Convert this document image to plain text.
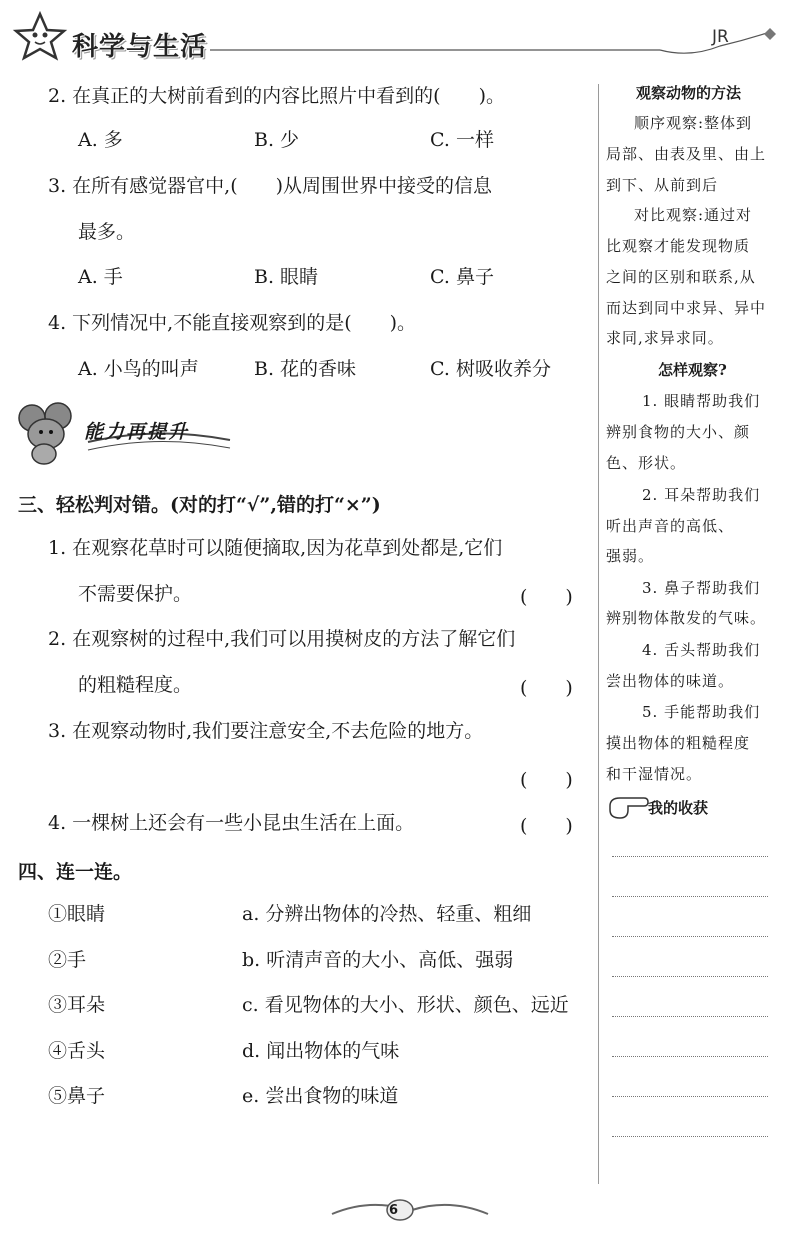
科学与生活	JR
2. 在真正的大树前看到的内容比照片中看到的(　　)。
A. 多	B. 少	C. 一样
3. 在所有感觉器官中,(　　)从周围世界中接受的信息
最多。
A. 手	B. 眼睛	C. 鼻子
4. 下列情况中,不能直接观察到的是(　　)。
A. 小鸟的叫声	B. 花的香味	C. 树吸收养分
能力再提升
三、轻松判对错。(对的打“√”,错的打“×”)
1. 在观察花草时可以随便摘取,因为花草到处都是,它们
不需要保护。	(　　)
2. 在观察树的过程中,我们可以用摸树皮的方法了解它们
的粗糙程度。	(　　)
3. 在观察动物时,我们要注意安全,不去危险的地方。
(　　)
4. 一棵树上还会有一些小昆虫生活在上面。	(　　)
四、连一连。
①眼睛	a. 分辨出物体的冷热、轻重、粗细
②手	b. 听清声音的大小、高低、强弱
③耳朵	c. 看见物体的大小、形状、颜色、远近
④舌头	d. 闻出物体的气味
⑤鼻子	e. 尝出食物的味道
观察动物的方法
顺序观察:整体到
局部、由表及里、由上
到下、从前到后
对比观察:通过对
比观察才能发现物质
之间的区别和联系,从
而达到同中求异、异中
求同,求异求同。
怎样观察?
1. 眼睛帮助我们
辨别食物的大小、颜
色、形状。
2. 耳朵帮助我们
听出声音的高低、
强弱。
3. 鼻子帮助我们
辨别物体散发的气味。
4. 舌头帮助我们
尝出物体的味道。
5. 手能帮助我们
摸出物体的粗糙程度
和干湿情况。
我的收获
6
